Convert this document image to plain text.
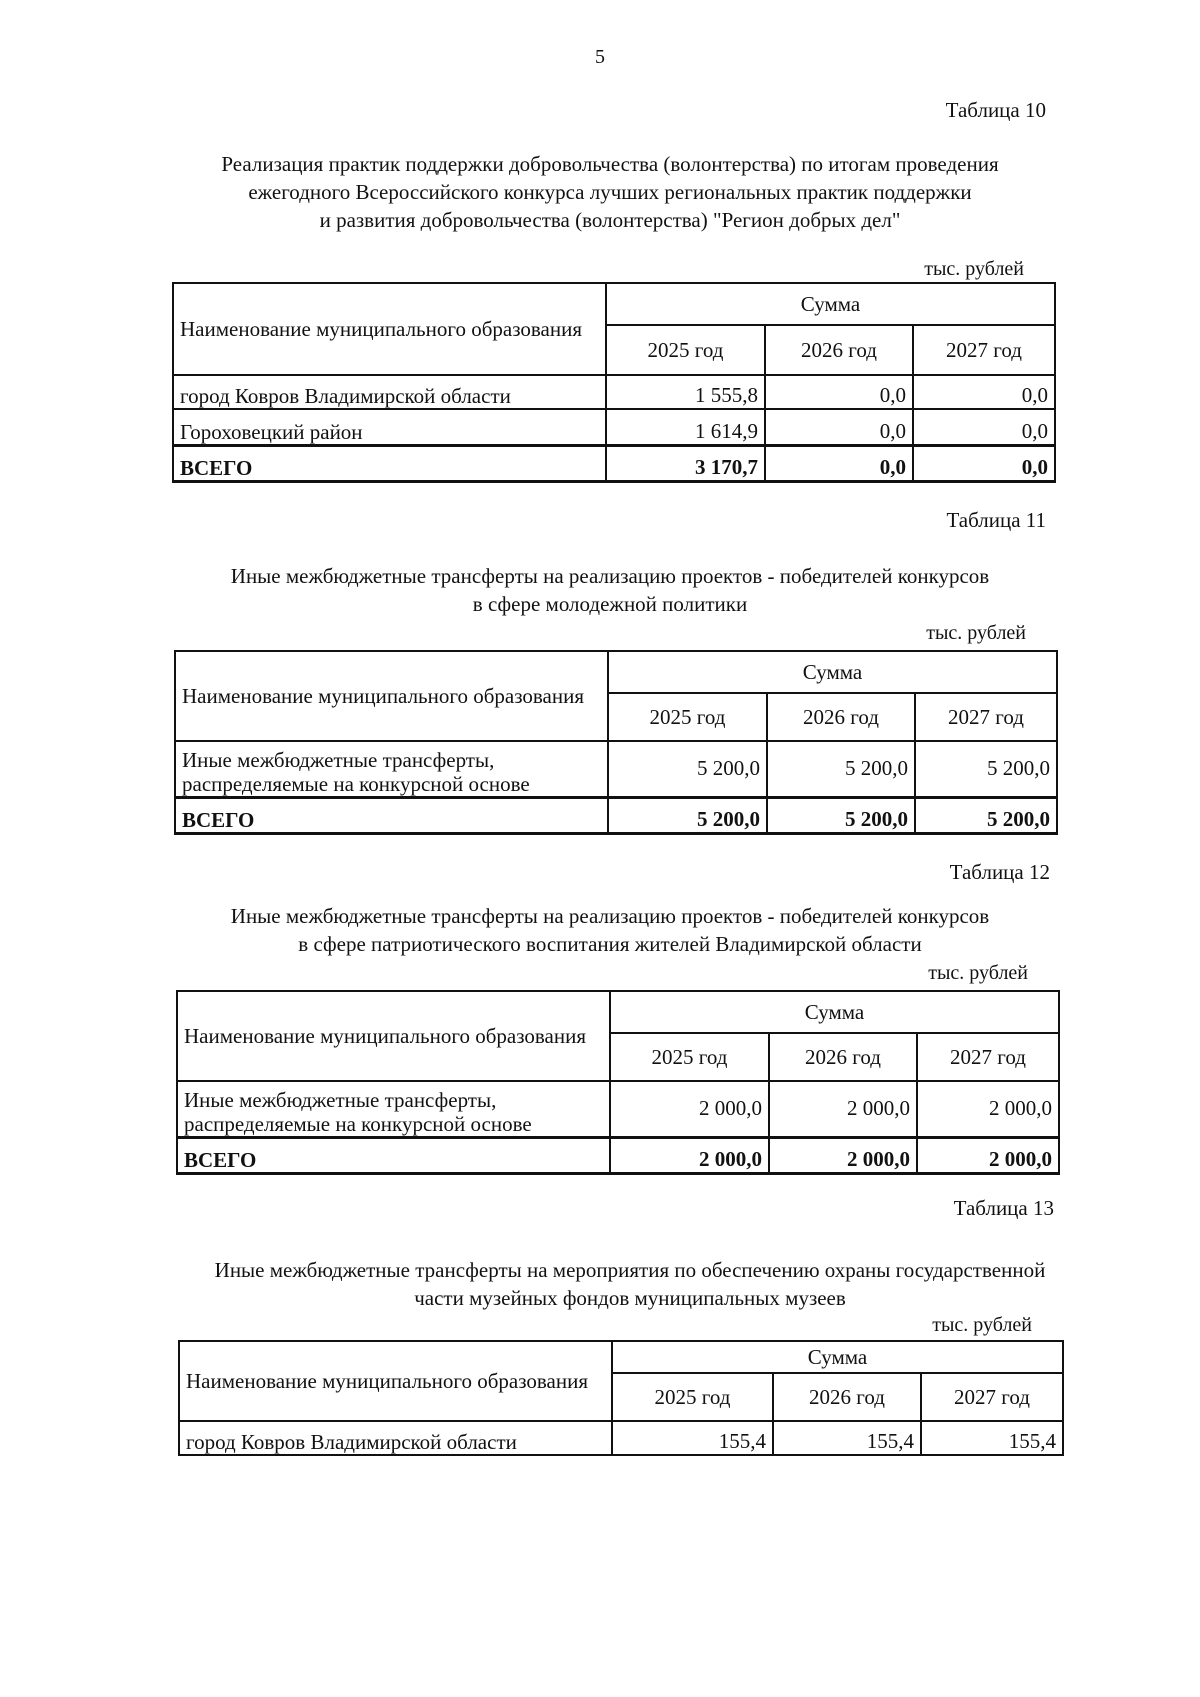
5
Таблица 10
Реализация практик поддержки добровольчества (волонтерства) по итогам проведения
ежегодного Всероссийского конкурса лучших региональных практик поддержки
и развития добровольчества (волонтерства) "Регион добрых дел"
тыс. рублей
Наименование муниципального образования	Сумма		
	2025 год	2026 год	2027 год
город Ковров Владимирской области	1 555,8	0,0	0,0
Гороховецкий район	1 614,9	0,0	0,0
ВСЕГО	3 170,7	0,0	0,0
Таблица 11
Иные межбюджетные трансферты на реализацию проектов - победителей конкурсов
в сфере молодежной политики
тыс. рублей
Наименование муниципального образования	Сумма		
	2025 год	2026 год	2027 год

Иные межбюджетные трансферты,
распределяемые на конкурсной основе	5 200,0	5 200,0	5 200,0
ВСЕГО	5 200,0	5 200,0	5 200,0
Таблица 12
Иные межбюджетные трансферты на реализацию проектов - победителей конкурсов
в сфере патриотического воспитания жителей Владимирской области
тыс. рублей
Наименование муниципального образования	Сумма		
	2025 год	2026 год	2027 год

Иные межбюджетные трансферты,
распределяемые на конкурсной основе	2 000,0	2 000,0	2 000,0
ВСЕГО	2 000,0	2 000,0	2 000,0
Таблица 13
Иные межбюджетные трансферты на мероприятия по обеспечению охраны государственной
части музейных фондов муниципальных музеев
тыс. рублей
Наименование муниципального образования	Сумма		
	2025 год	2026 год	2027 год
город Ковров Владимирской области	155,4	155,4	155,4
